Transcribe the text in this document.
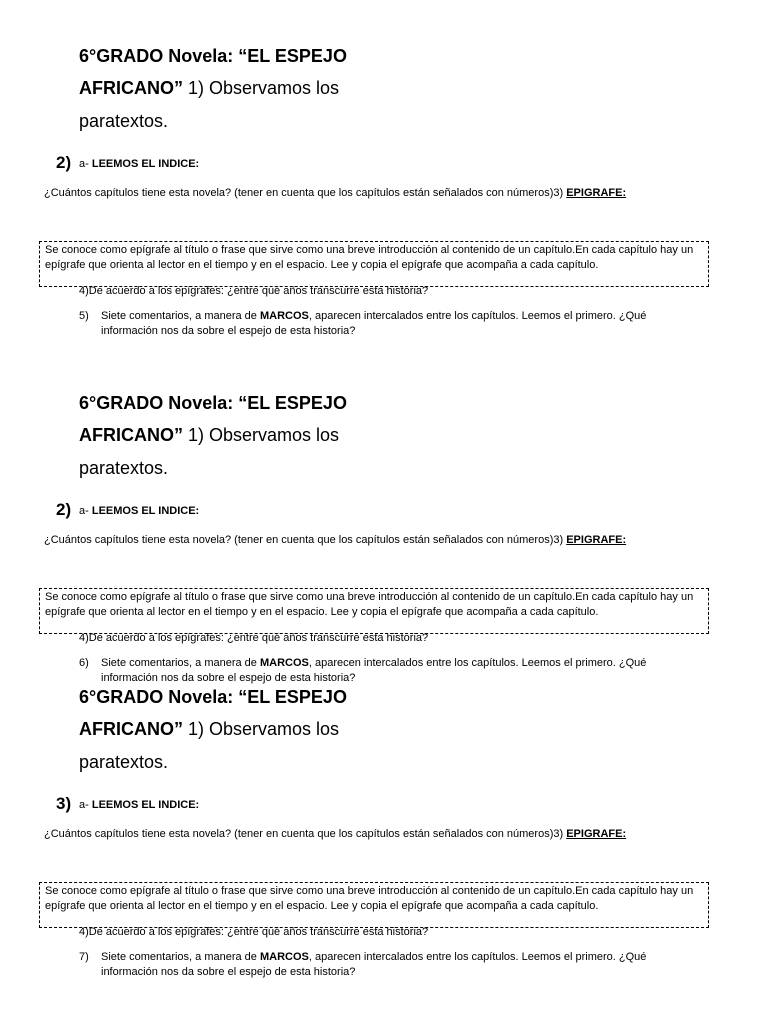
6°GRADO Novela: “EL ESPEJO
AFRICANO” 1) Observamos los
paratextos.
2) a- LEEMOS EL INDICE:
¿Cuántos capítulos tiene esta novela? (tener en cuenta que los capítulos están señalados con números)3) EPIGRAFE:
Se conoce como epígrafe al título o frase que sirve como una breve introducción al contenido de un capítulo.En cada capítulo hay un epígrafe que orienta al lector en el tiempo y en el espacio. Lee y copia el epígrafe que acompaña a cada capítulo.
4)De acuerdo a los epígrafes: ¿entre qué años transcurre esta historia?
5) Siete comentarios, a manera de MARCOS, aparecen intercalados entre los capítulos. Leemos el primero. ¿Qué información nos da sobre el espejo de esta historia?
6°GRADO Novela: “EL ESPEJO
AFRICANO” 1) Observamos los
paratextos.
2) a- LEEMOS EL INDICE:
¿Cuántos capítulos tiene esta novela? (tener en cuenta que los capítulos están señalados con números)3) EPIGRAFE:
Se conoce como epígrafe al título o frase que sirve como una breve introducción al contenido de un capítulo.En cada capítulo hay un epígrafe que orienta al lector en el tiempo y en el espacio. Lee y copia el epígrafe que acompaña a cada capítulo.
4)De acuerdo a los epígrafes: ¿entre qué años transcurre esta historia?
6) Siete comentarios, a manera de MARCOS, aparecen intercalados entre los capítulos. Leemos el primero. ¿Qué información nos da sobre el espejo de esta historia?
6°GRADO Novela: “EL ESPEJO
AFRICANO” 1) Observamos los
paratextos.
3) a- LEEMOS EL INDICE:
¿Cuántos capítulos tiene esta novela? (tener en cuenta que los capítulos están señalados con números)3) EPIGRAFE:
Se conoce como epígrafe al título o frase que sirve como una breve introducción al contenido de un capítulo.En cada capítulo hay un epígrafe que orienta al lector en el tiempo y en el espacio. Lee y copia el epígrafe que acompaña a cada capítulo.
4)De acuerdo a los epígrafes: ¿entre qué años transcurre esta historia?
7) Siete comentarios, a manera de MARCOS, aparecen intercalados entre los capítulos. Leemos el primero. ¿Qué información nos da sobre el espejo de esta historia?
